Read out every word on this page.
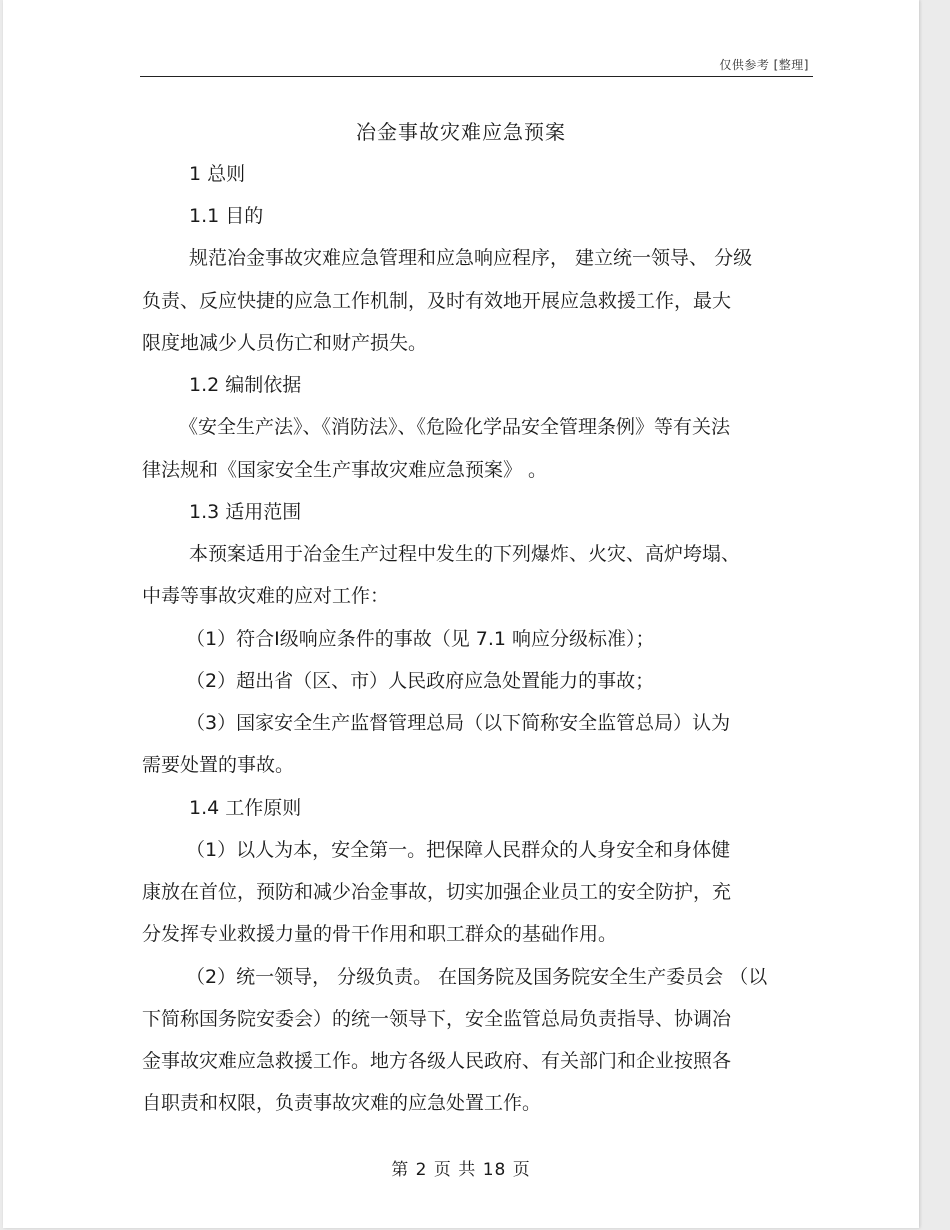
仅供参考 [整理]
冶金事故灾难应急预案
1 总则
1.1 目的
规范冶金事故灾难应急管理和应急响应程序， 建立统一领导、 分级
负责、反应快捷的应急工作机制，及时有效地开展应急救援工作，最大
限度地减少人员伤亡和财产损失。
1.2 编制依据
《安全生产法》、《消防法》、《危险化学品安全管理条例》等有关法
律法规和《国家安全生产事故灾难应急预案》 。
1.3 适用范围
本预案适用于冶金生产过程中发生的下列爆炸、火灾、高炉垮塌、
中毒等事故灾难的应对工作：
（1）符合Ⅰ级响应条件的事故（见 7.1 响应分级标准）；
（2）超出省（区、市）人民政府应急处置能力的事故；
（3）国家安全生产监督管理总局（以下简称安全监管总局）认为
需要处置的事故。
1.4 工作原则
（1）以人为本，安全第一。把保障人民群众的人身安全和身体健
康放在首位，预防和减少冶金事故，切实加强企业员工的安全防护，充
分发挥专业救援力量的骨干作用和职工群众的基础作用。
（2）统一领导， 分级负责。 在国务院及国务院安全生产委员会 （以
下简称国务院安委会）的统一领导下，安全监管总局负责指导、协调冶
金事故灾难应急救援工作。地方各级人民政府、有关部门和企业按照各
自职责和权限，负责事故灾难的应急处置工作。
第 2 页 共 18 页
